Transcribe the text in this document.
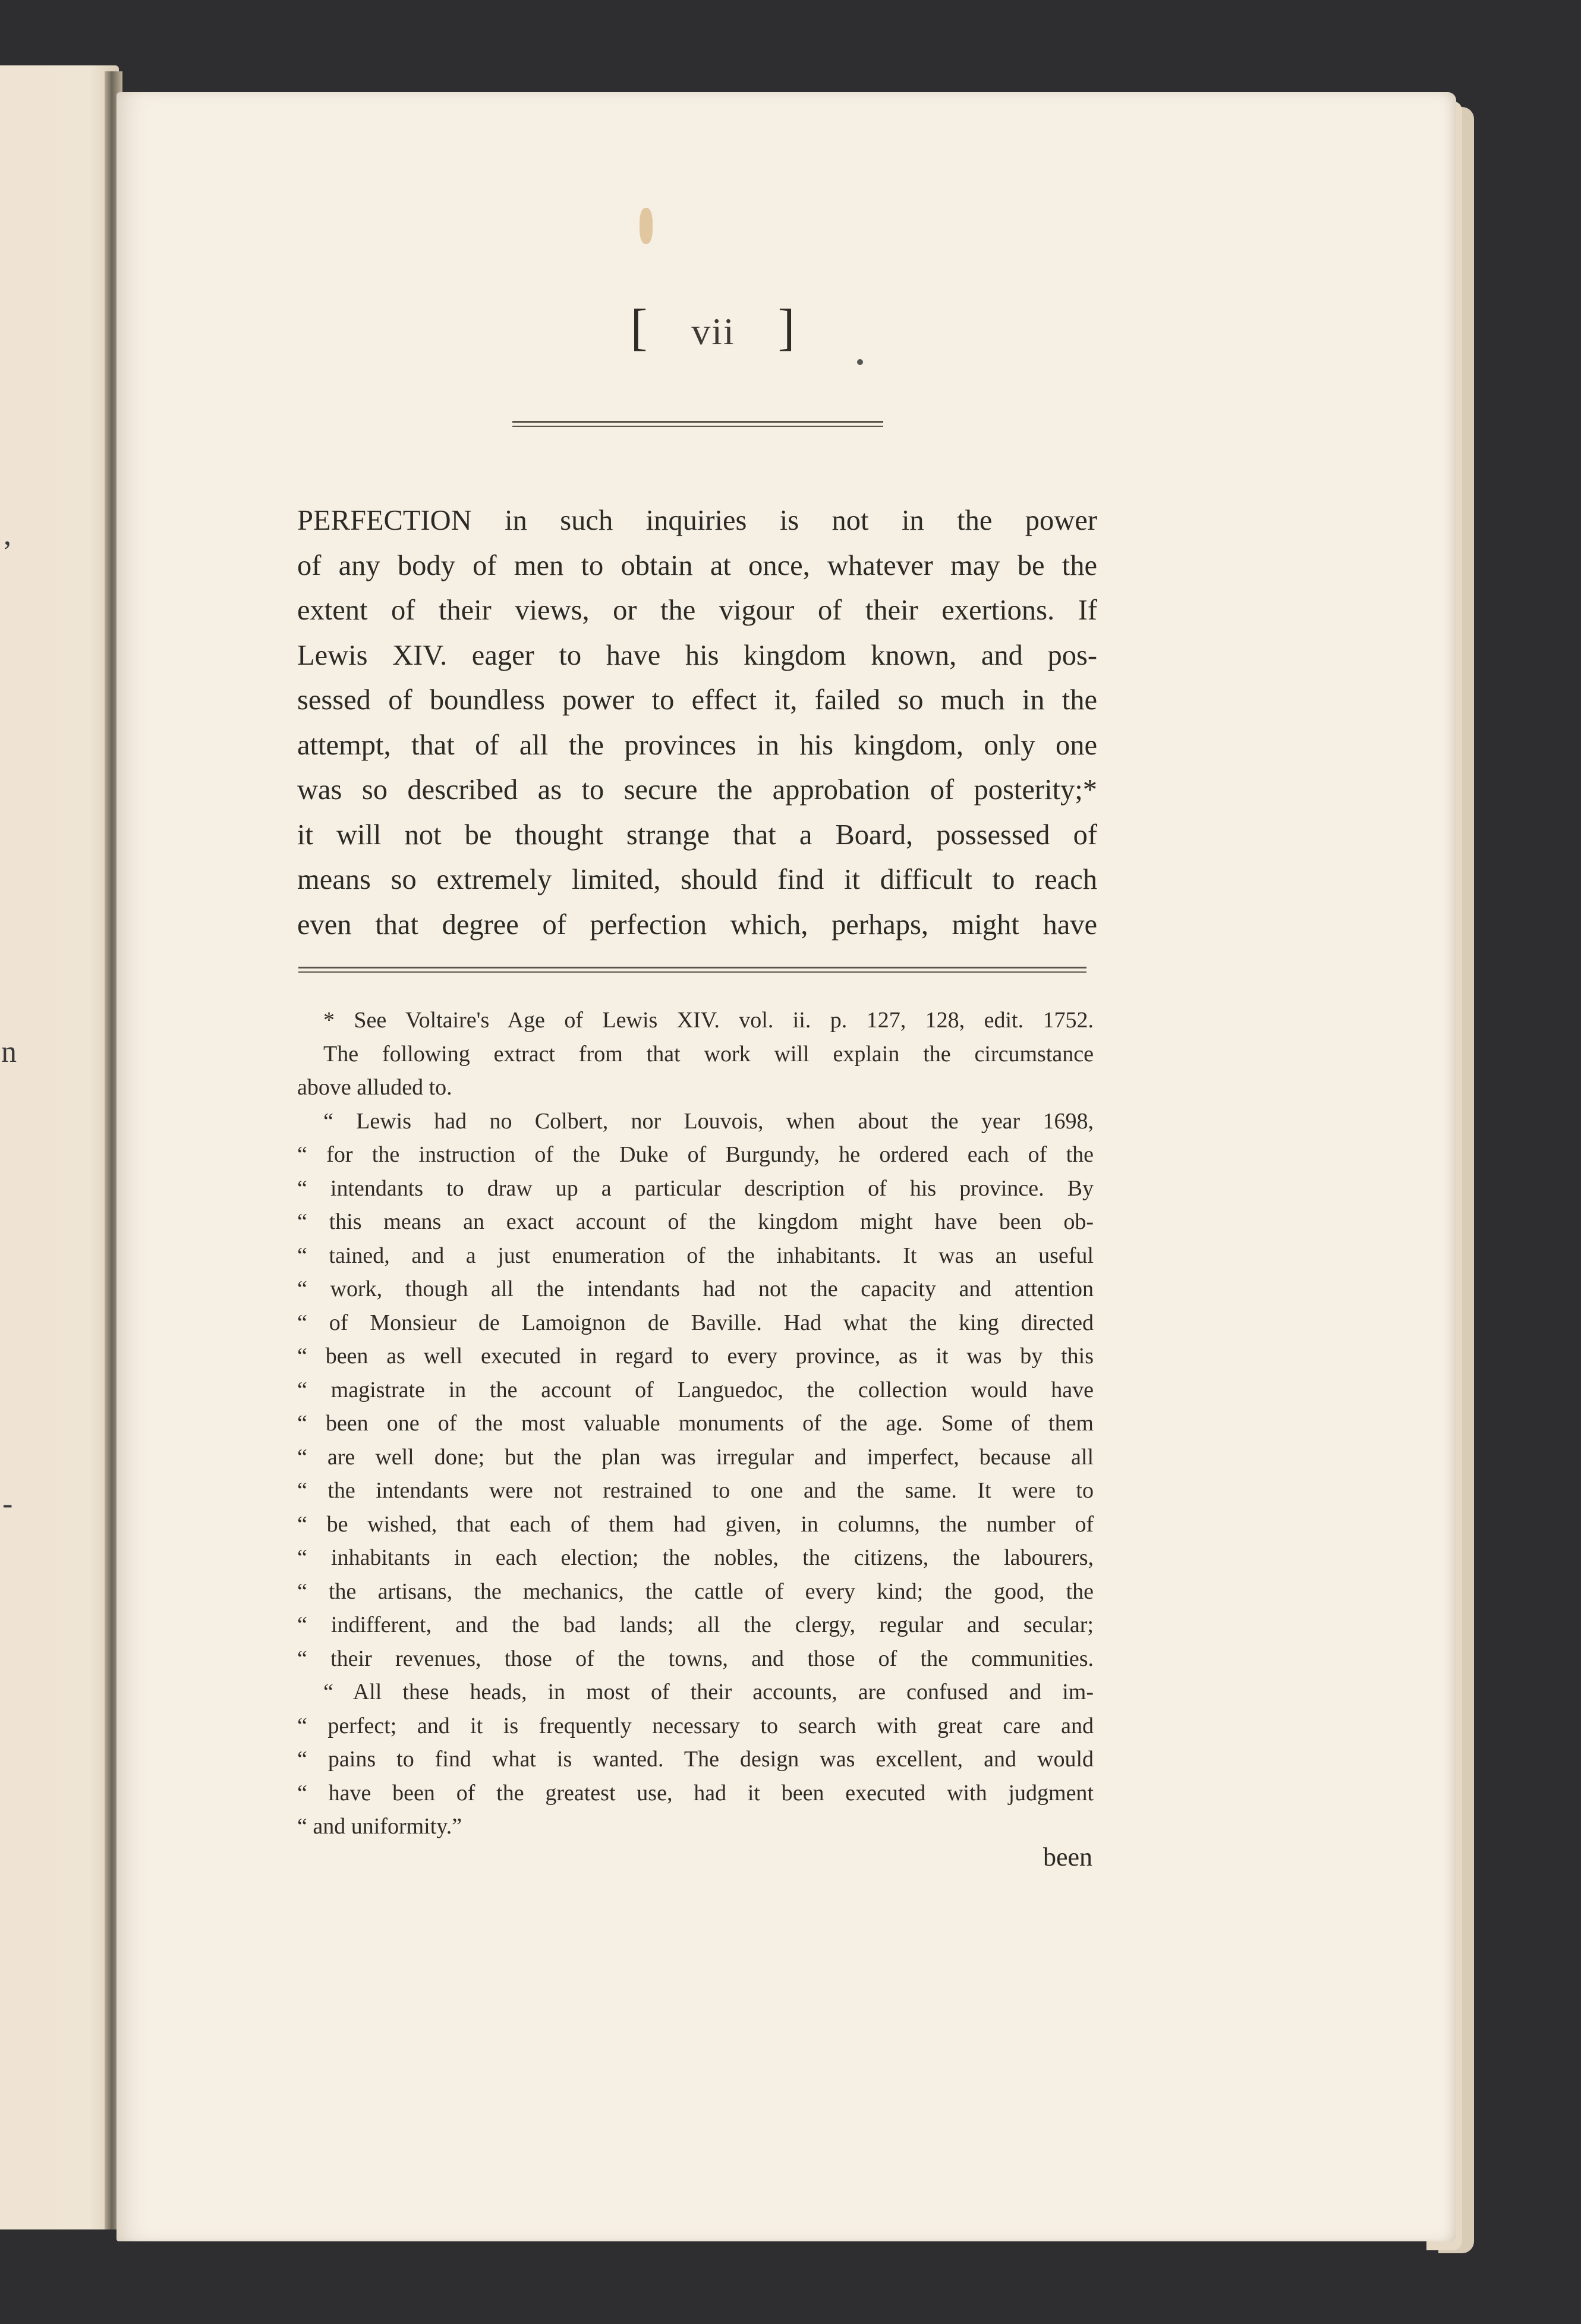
,
n
-
[ vii ]
PERFECTION in such inquiries is not in the power
of any body of men to obtain at once, whatever may be the
extent of their views, or the vigour of their exertions. If
Lewis XIV. eager to have his kingdom known, and pos-
sessed of boundless power to effect it, failed so much in the
attempt, that of all the provinces in his kingdom, only one
was so described as to secure the approbation of posterity;*
it will not be thought strange that a Board, possessed of
means so extremely limited, should find it difficult to reach
even that degree of perfection which, perhaps, might have
* See Voltaire's Age of Lewis XIV. vol. ii. p. 127, 128, edit. 1752.
The following extract from that work will explain the circumstance
above alluded to.
“ Lewis had no Colbert, nor Louvois, when about the year 1698,
“ for the instruction of the Duke of Burgundy, he ordered each of the
“ intendants to draw up a particular description of his province. By
“ this means an exact account of the kingdom might have been ob-
“ tained, and a just enumeration of the inhabitants. It was an useful
“ work, though all the intendants had not the capacity and attention
“ of Monsieur de Lamoignon de Baville. Had what the king directed
“ been as well executed in regard to every province, as it was by this
“ magistrate in the account of Languedoc, the collection would have
“ been one of the most valuable monuments of the age. Some of them
“ are well done; but the plan was irregular and imperfect, because all
“ the intendants were not restrained to one and the same. It were to
“ be wished, that each of them had given, in columns, the number of
“ inhabitants in each election; the nobles, the citizens, the labourers,
“ the artisans, the mechanics, the cattle of every kind; the good, the
“ indifferent, and the bad lands; all the clergy, regular and secular;
“ their revenues, those of the towns, and those of the communities.
“ All these heads, in most of their accounts, are confused and im-
“ perfect; and it is frequently necessary to search with great care and
“ pains to find what is wanted. The design was excellent, and would
“ have been of the greatest use, had it been executed with judgment
“ and uniformity.”
been
